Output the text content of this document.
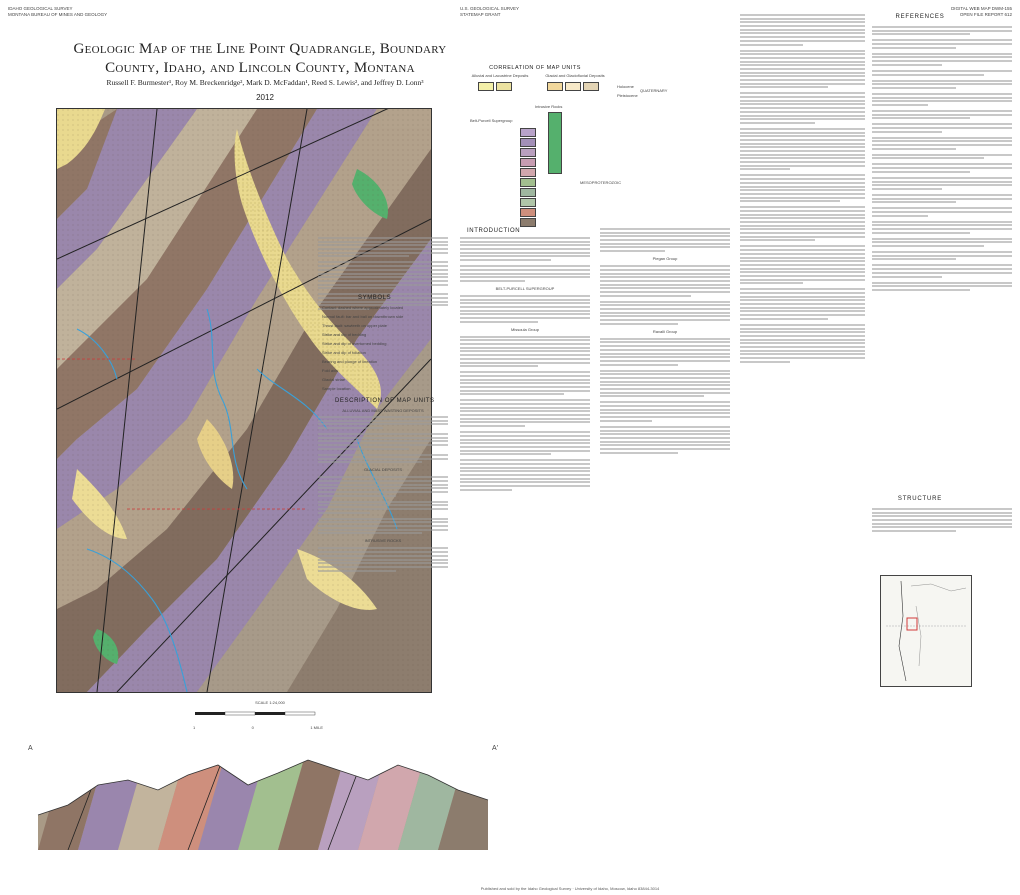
IDAHO GEOLOGICAL SURVEY
MONTANA BUREAU OF MINES AND GEOLOGY
U.S. GEOLOGICAL SURVEY
STATEMAP GRANT
DIGITAL WEB MAP DWM-155
OPEN FILE REPORT 612
Geologic Map of the Line Point Quadrangle, Boundary County, Idaho, and Lincoln County, Montana
Russell F. Burmester¹, Roy M. Breckenridge², Mark D. McFaddan¹, Reed S. Lewis², and Jeffrey D. Lonn³
2012
CORRELATION OF MAP UNITS
Alluvial and Lacustrine Deposits	Glacial and Glaciofluvial Deposits
Holocene
Pleistocene
QUATERNARY
Intrusive Rocks
Belt-Purcell Supergroup
MESOPROTEROZOIC
INTRODUCTION
SYMBOLS
Contact: dashed where approximately located
Normal fault: bar and ball on downthrown side
Thrust fault: sawteeth on upper plate
Strike and dip of bedding
Strike and dip of overturned bedding
Strike and dip of foliation
Bearing and plunge of lineation
Fold axis
Glacial striae
Sample location
DESCRIPTION OF MAP UNITS
ALLUVIAL AND MASS WASTING DEPOSITS
GLACIAL DEPOSITS
INTRUSIVE ROCKS
BELT-PURCELL SUPERGROUP
Missoula Group
Piegan Group
Ravalli Group
REFERENCES
STRUCTURE
SCALE 1:24,000
1	0	1 MILE
A	A′
Published and sold by the Idaho Geological Survey · University of Idaho, Moscow, Idaho 83844-3014
